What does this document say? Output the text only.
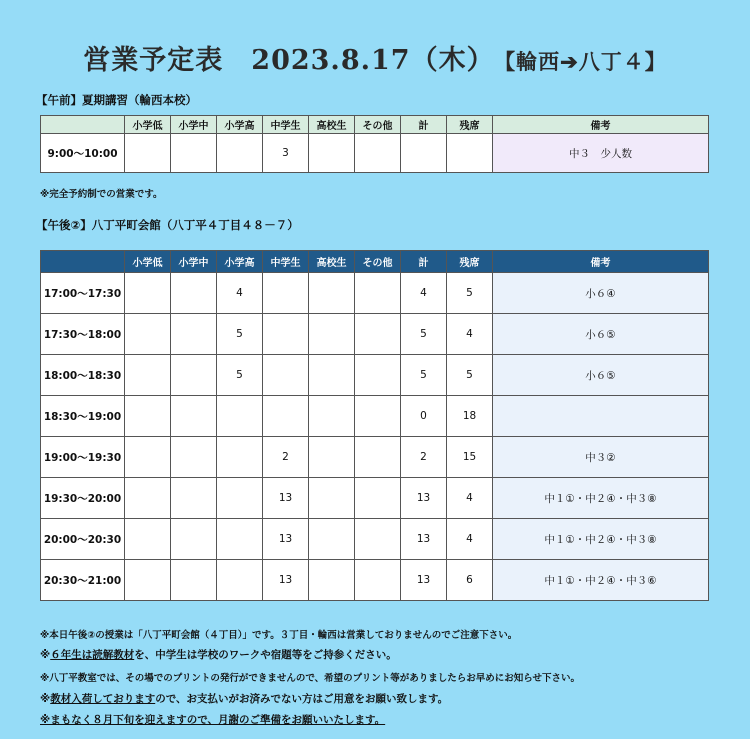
営業予定表　2023.8.17（木） 【輪西➔八丁４】
【午前】夏期講習（輪西本校）
	小学低	小学中	小学高	中学生	高校生	その他	計	残席	備考
9:00〜10:00				3					中３　少人数
※完全予約制での営業です。
【午後②】八丁平町会館（八丁平４丁目４８－７）
	小学低	小学中	小学高	中学生	高校生	その他	計	残席	備考
17:00〜17:30			4				4	5	小６④
17:30〜18:00			5				5	4	小６⑤
18:00〜18:30			5				5	5	小６⑤
18:30〜19:00							0	18	
19:00〜19:30				2			2	15	中３②
19:30〜20:00				13			13	4	中１①・中２④・中３⑧
20:00〜20:30				13			13	4	中１①・中２④・中３⑧
20:30〜21:00				13			13	6	中１①・中２④・中３⑥
※本日午後②の授業は「八丁平町会館（４丁目）」です。３丁目・輪西は営業しておりませんのでご注意下さい。
※６年生は読解教材を、中学生は学校のワークや宿題等をご持参ください。
※八丁平教室では、その場でのプリントの発行ができませんので、希望のプリント等がありましたらお早めにお知らせ下さい。
※教材入荷しておりますので、お支払いがお済みでない方はご用意をお願い致します。
※まもなく８月下旬を迎えますので、月謝のご準備をお願いいたします。
